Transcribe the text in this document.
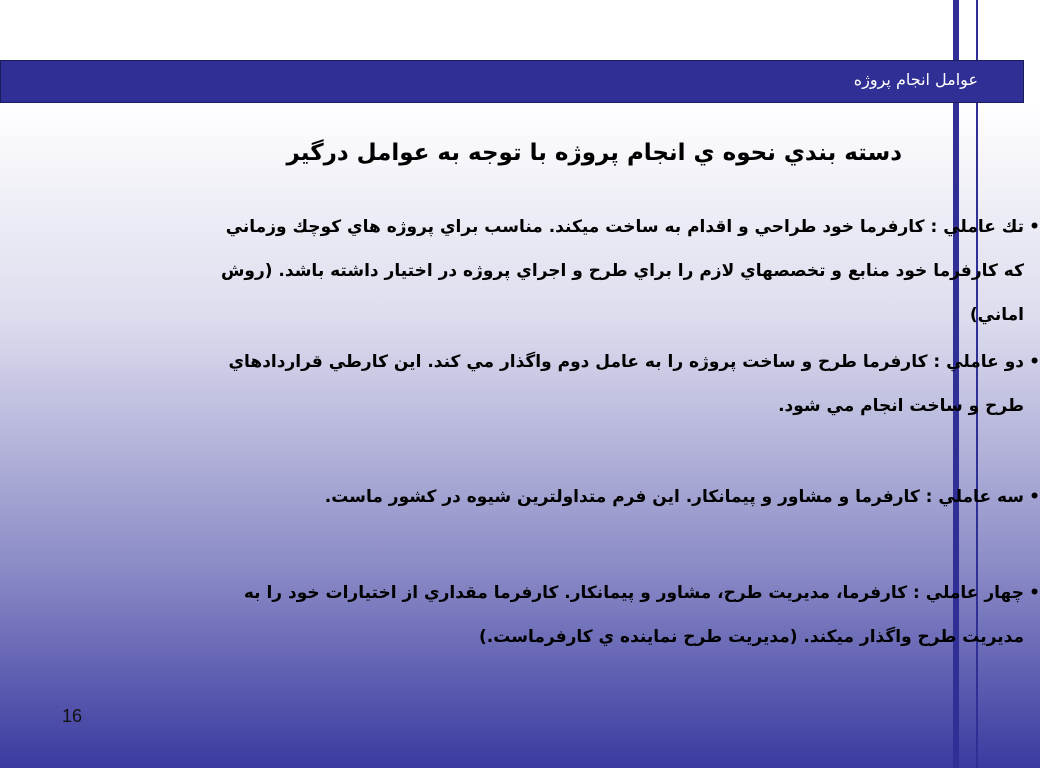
عوامل انجام پروژه
دسته بندي نحوه ي انجام پروژه با توجه به عوامل درگير
•
تك عاملي : كارفرما خود طراحي و اقدام به ساخت ميكند. مناسب براي پروژه هاي كوچك وزماني كه كارفرما خود منابع و تخصصهاي لازم را براي طرح و اجراي پروژه در اختيار داشته باشد. (روش اماني)
•
دو عاملي : كارفرما طرح و ساخت پروژه را به عامل دوم واگذار مي كند. اين كارطي قراردادهاي طرح و ساخت انجام مي شود.
•
سه عاملي : كارفرما و مشاور و پيمانكار. اين فرم متداولترين شيوه در كشور ماست.
•
چهار عاملي : كارفرما، مديريت طرح، مشاور و پيمانكار. كارفرما مقداري از اختيارات خود را به مديريت طرح واگذار ميكند. (مديريت طرح نماينده ي كارفرماست.)
16
